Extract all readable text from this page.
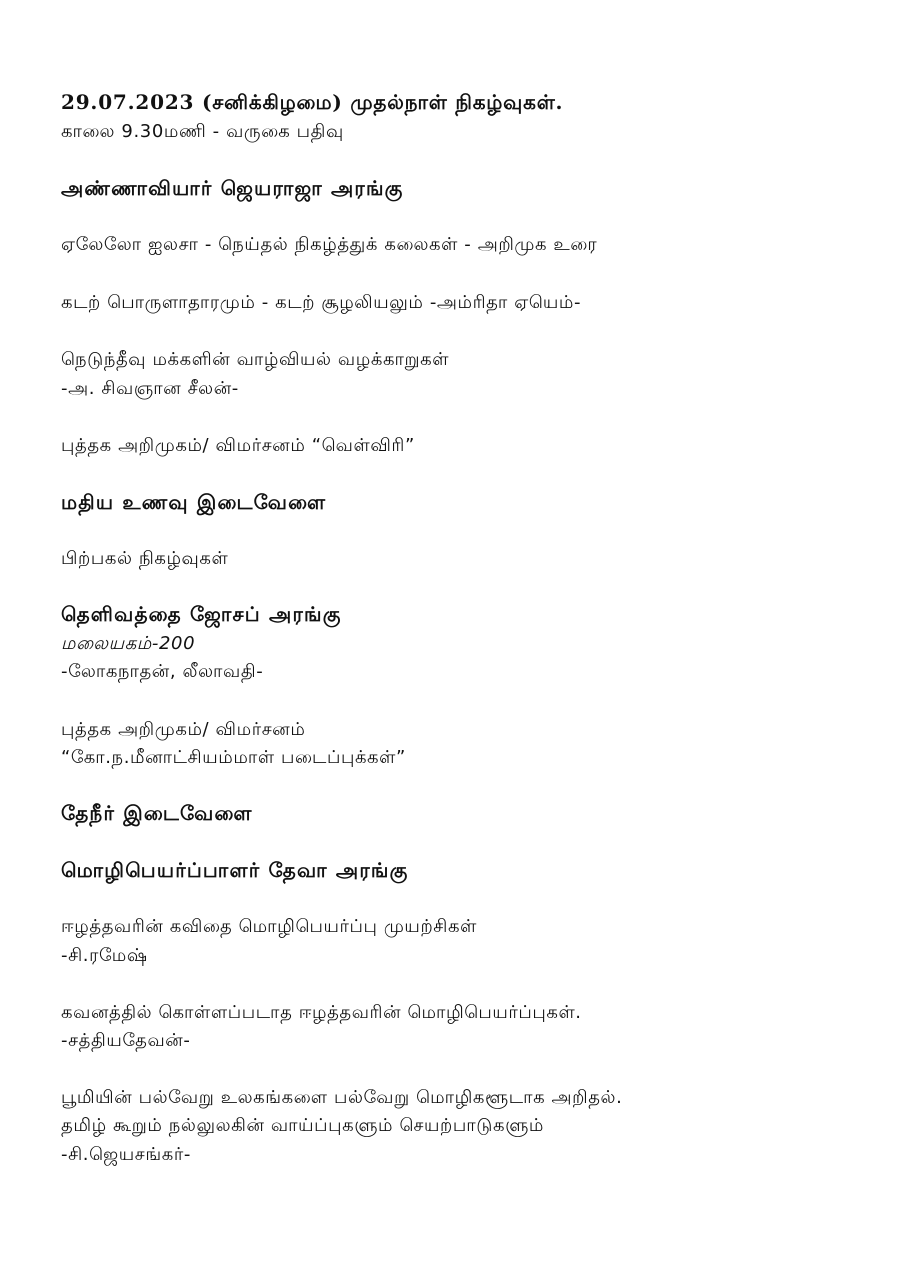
29.07.2023 (சனிக்கிழமை) முதல்நாள் நிகழ்வுகள்.

காலை 9.30மணி - வருகை பதிவு

அண்ணாவியார் ஜெயராஜா அரங்கு

ஏலேலோ ஐலசா - நெய்தல் நிகழ்த்துக் கலைகள் - அறிமுக உரை

கடற் பொருளாதாரமும் - கடற் சூழலியலும் -அம்ரிதா ஏயெம்-

நெடுந்தீவு மக்களின் வாழ்வியல் வழக்காறுகள்

-அ. சிவஞான சீலன்-

புத்தக அறிமுகம்/ விமர்சனம் “வெள்விரி”

மதிய உணவு இடைவேளை

பிற்பகல் நிகழ்வுகள்

தெளிவத்தை ஜோசப் அரங்கு

மலையகம்-200

-லோகநாதன், லீலாவதி-

புத்தக அறிமுகம்/ விமர்சனம்

“கோ.ந.மீனாட்சியம்மாள் படைப்புக்கள்”

தேநீர் இடைவேளை

மொழிபெயர்ப்பாளர் தேவா அரங்கு

ஈழத்தவரின் கவிதை மொழிபெயர்ப்பு முயற்சிகள்

-சி.ரமேஷ்

கவனத்தில் கொள்ளப்படாத ஈழத்தவரின் மொழிபெயர்ப்புகள்.

-சத்தியதேவன்-

பூமியின் பல்வேறு உலகங்களை பல்வேறு மொழிகளூடாக அறிதல்.

தமிழ் கூறும் நல்லுலகின் வாய்ப்புகளும் செயற்பாடுகளும்

-சி.ஜெயசங்கர்-
